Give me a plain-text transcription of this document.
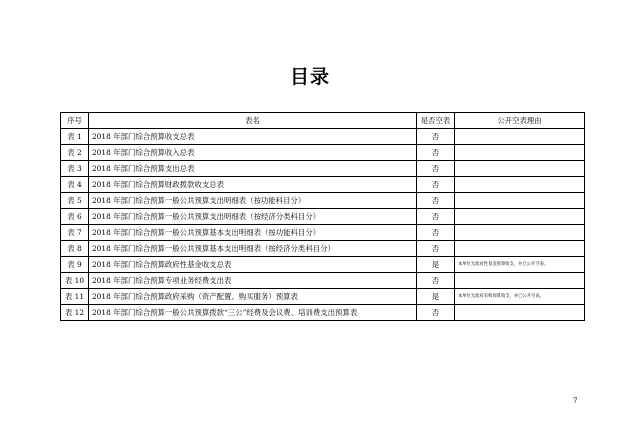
目录
序号	表名	是否空表	公开空表理由
表 1	2018 年部门综合预算收支总表	否	
表 2	2018 年部门综合预算收入总表	否	
表 3	2018 年部门综合预算支出总表	否	
表 4	2018 年部门综合预算财政拨款收支总表	否	
表 5	2018 年部门综合预算一般公共预算支出明细表（按功能科目分）	否	
表 6	2018 年部门综合预算一般公共预算支出明细表（按经济分类科目分）	否	
表 7	2018 年部门综合预算一般公共预算基本支出明细表（按功能科目分）	否	
表 8	2018 年部门综合预算一般公共预算基本支出明细表（按经济分类科目分）	否	
表 9	2018 年部门综合预算政府性基金收支总表	是	本单位无政府性基金预算收支，并已公开空表。
表 10	2018 年部门综合预算专项业务经费支出表	否	
表 11	2018 年部门综合预算政府采购（资产配置、购买服务）预算表	是	本单位无政府采购预算收支，并已公开空表。
表 12	2018 年部门综合预算一般公共预算拨款“三公”经费及会议费、培训费支出预算表	否	
7
